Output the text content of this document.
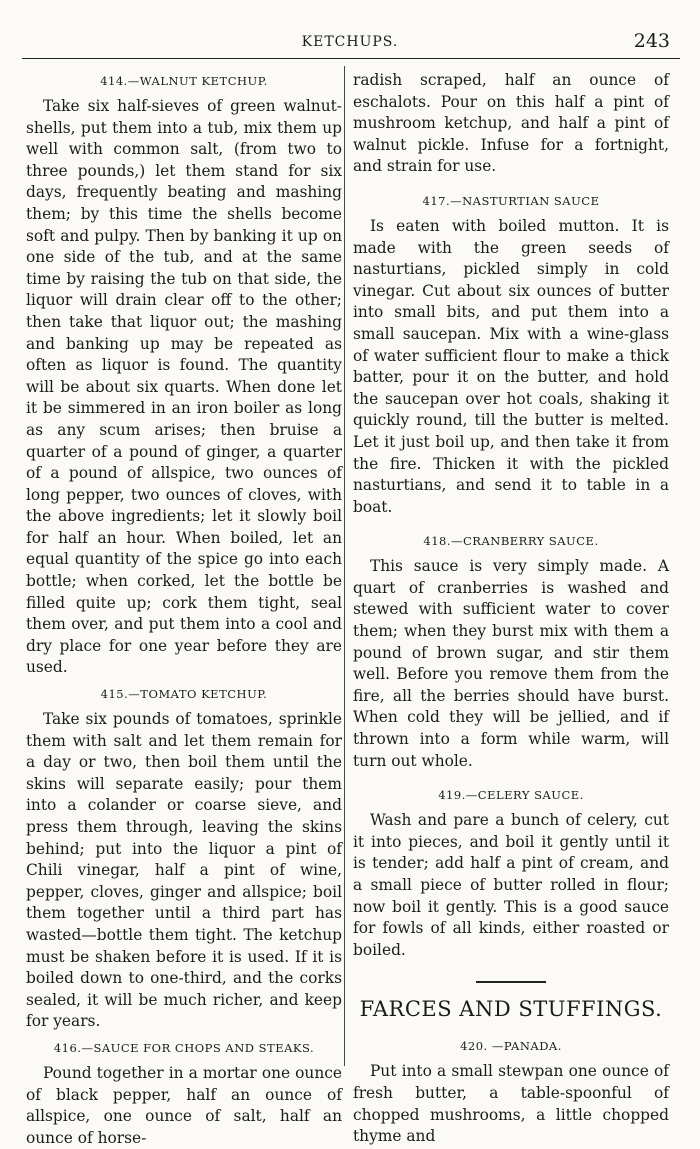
KETCHUPS.	243
414.—WALNUT KETCHUP.

Take six half-sieves of green walnut-shells, put them into a tub, mix them up well with common salt, (from two to three pounds,) let them stand for six days, frequently beating and mashing them; by this time the shells become soft and pulpy. Then by banking it up on one side of the tub, and at the same time by raising the tub on that side, the liquor will drain clear off to the other; then take that liquor out; the mashing and banking up may be repeated as often as liquor is found. The quantity will be about six quarts. When done let it be simmered in an iron boiler as long as any scum arises; then bruise a quarter of a pound of ginger, a quarter of a pound of allspice, two ounces of long pepper, two ounces of cloves, with the above ingredients; let it slowly boil for half an hour. When boiled, let an equal quantity of the spice go into each bottle; when corked, let the bottle be filled quite up; cork them tight, seal them over, and put them into a cool and dry place for one year before they are used.

415.—TOMATO KETCHUP.

Take six pounds of tomatoes, sprinkle them with salt and let them remain for a day or two, then boil them until the skins will separate easily; pour them into a colander or coarse sieve, and press them through, leaving the skins behind; put into the liquor a pint of Chili vinegar, half a pint of wine, pepper, cloves, ginger and allspice; boil them together until a third part has wasted—bottle them tight. The ketchup must be shaken before it is used. If it is boiled down to one-third, and the corks sealed, it will be much richer, and keep for years.

416.—SAUCE FOR CHOPS AND STEAKS.

Pound together in a mortar one ounce of black pepper, half an ounce of allspice, one ounce of salt, half an ounce of horse-

radish scraped, half an ounce of eschalots. Pour on this half a pint of mushroom ketchup, and half a pint of walnut pickle. Infuse for a fortnight, and strain for use.

417.—NASTURTIAN SAUCE

Is eaten with boiled mutton. It is made with the green seeds of nasturtians, pickled simply in cold vinegar. Cut about six ounces of butter into small bits, and put them into a small saucepan. Mix with a wine-glass of water sufficient flour to make a thick batter, pour it on the butter, and hold the saucepan over hot coals, shaking it quickly round, till the butter is melted. Let it just boil up, and then take it from the fire. Thicken it with the pickled nasturtians, and send it to table in a boat.

418.—CRANBERRY SAUCE.

This sauce is very simply made. A quart of cranberries is washed and stewed with sufficient water to cover them; when they burst mix with them a pound of brown sugar, and stir them well. Before you remove them from the fire, all the berries should have burst. When cold they will be jellied, and if thrown into a form while warm, will turn out whole.

419.—CELERY SAUCE.

Wash and pare a bunch of celery, cut it into pieces, and boil it gently until it is tender; add half a pint of cream, and a small piece of butter rolled in flour; now boil it gently. This is a good sauce for fowls of all kinds, either roasted or boiled.

FARCES AND STUFFINGS.
420. —PANADA.

Put into a small stewpan one ounce of fresh butter, a table-spoonful of chopped mushrooms, a little chopped thyme and
